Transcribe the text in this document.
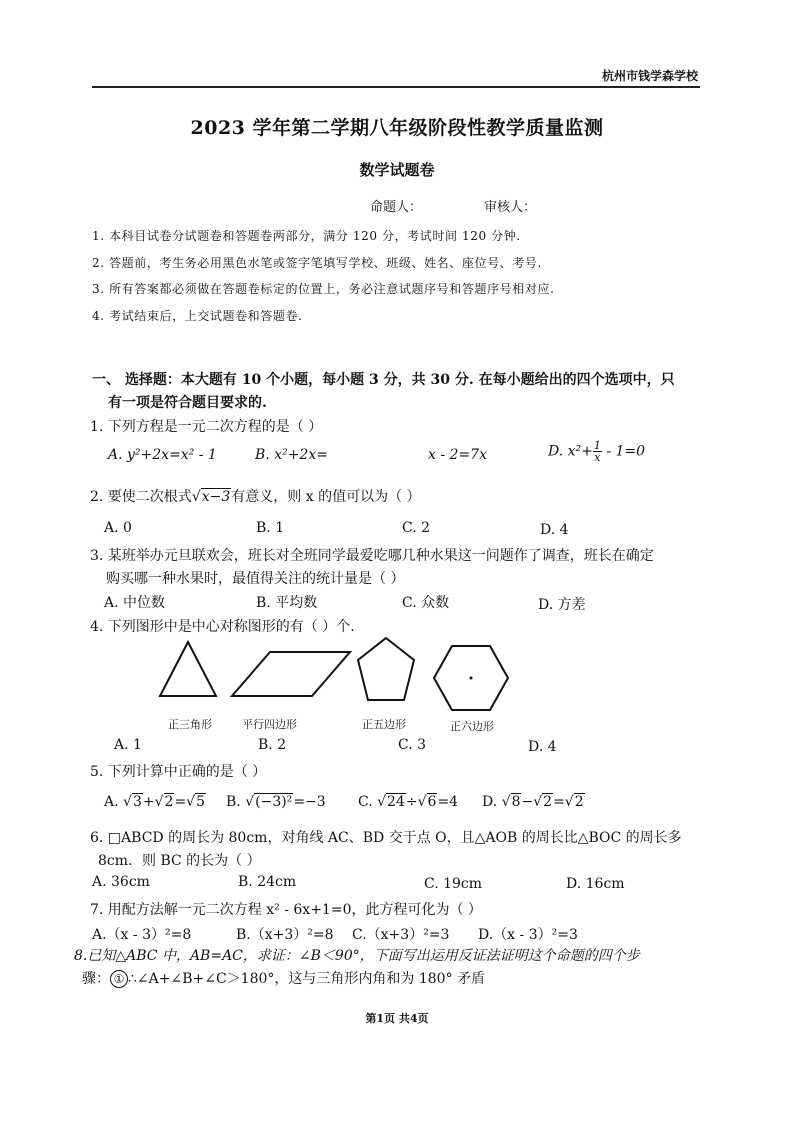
杭州市钱学森学校
2023 学年第二学期八年级阶段性教学质量监测
数学试题卷
命题人：	审核人：
1. 本科目试卷分试题卷和答题卷两部分，满分 120 分，考试时间 120 分钟.
2. 答题前，考生务必用黑色水笔或签字笔填写学校、班级、姓名、座位号、考号.
3. 所有答案都必须做在答题卷标定的位置上，务必注意试题序号和答题序号相对应.
4. 考试结束后，上交试题卷和答题卷.
一、 选择题：本大题有 10 个小题，每小题 3 分，共 30 分. 在每小题给出的四个选项中，只
有一项是符合题目要求的.
1. 下列方程是一元二次方程的是（ ）
A. y²+2x=x² - 1	B. x²+2x=	x - 2=7x	D. $x^2+ \frac{1}{x} - 1=0$
2. 要使二次根式√x−3有意义，则 x 的值可以为（ ）
A. 0	B. 1	C. 2	D. 4
3. 某班举办元旦联欢会，班长对全班同学最爱吃哪几种水果这一问题作了调查，班长在确定
购买哪一种水果时，最值得关注的统计量是（ ）
A. 中位数	B. 平均数	C. 众数	D. 方差
4. 下列图形中是中心对称图形的有（ ）个.
正三角形	平行四边形	正五边形	正六边形
A. 1	B. 2	C. 3	D. 4
5. 下列计算中正确的是（ ）
A. √3+√2=√5 B. √(−3)²=−3 C. √24÷√6=4 D. √8−√2=√2
6. □ABCD 的周长为 80cm，对角线 AC、BD 交于点 O，且△AOB 的周长比△BOC 的周长多
8cm．则 BC 的长为（ ）
A. 36cm	B. 24cm	C. 19cm	D. 16cm
7. 用配方法解一元二次方程 x² - 6x+1=0，此方程可化为（ ）
A.（x - 3）²=8	B.（x+3）²=8 C.（x+3）²=3 D.（x - 3）²=3
8.已知△ABC 中，AB=AC，求证：∠B＜90°，下面写出运用反证法证明这个命题的四个步
骤： ① ∴∠A+∠B+∠C＞180°，这与三角形内角和为 180° 矛盾
第1页 共4页
